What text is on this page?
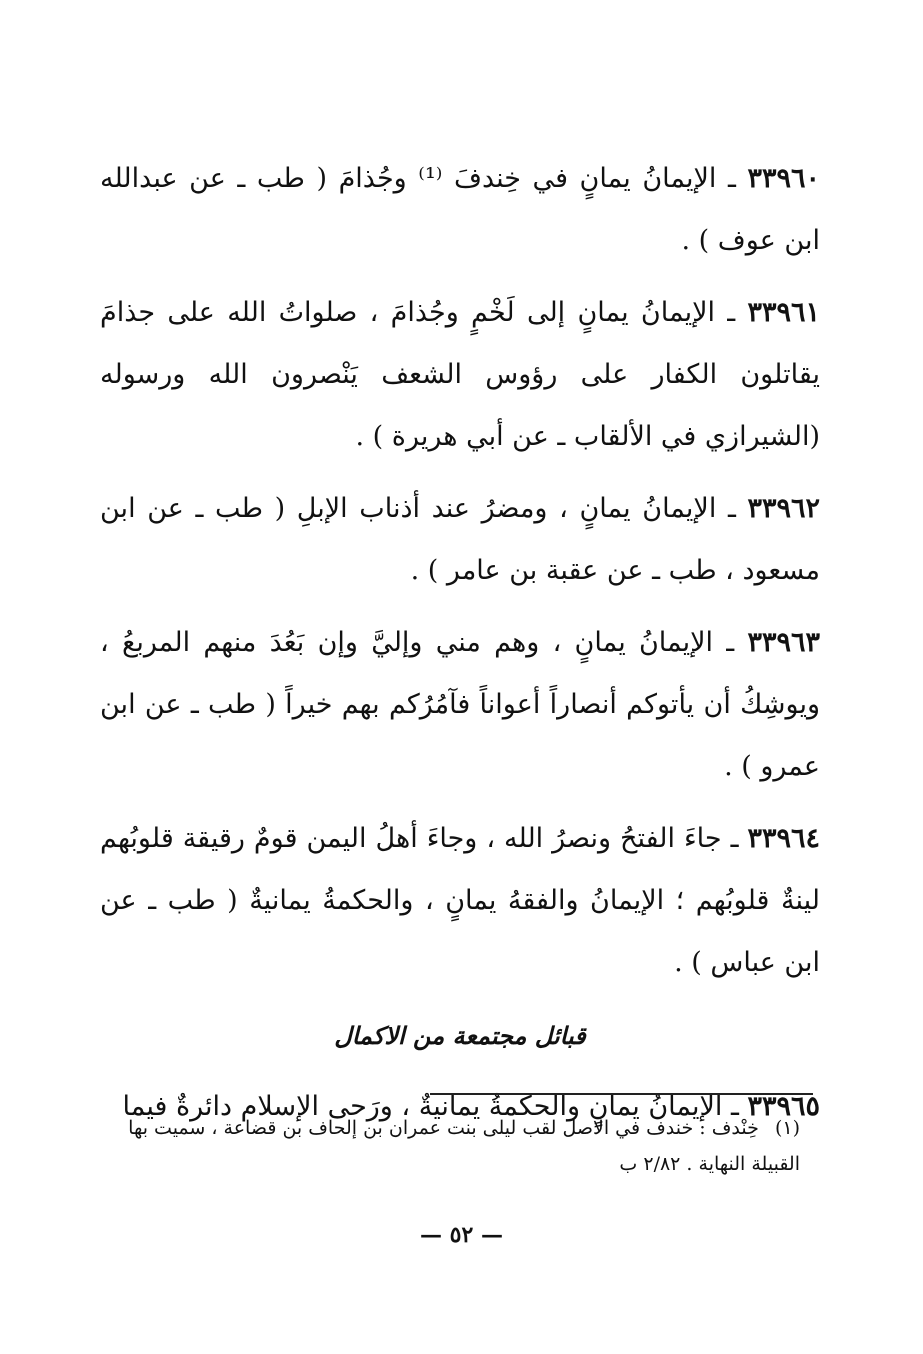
٣٣٩٦٠ ـ الإيمانُ يمانٍ في خِندفَ ⁽¹⁾ وجُذامَ ( طب ـ عن عبدالله ابن عوف ) .

٣٣٩٦١ ـ الإيمانُ يمانٍ إلى لَخْمٍ وجُذامَ ، صلواتُ الله على جذامَ يقاتلون الكفار على رؤوس الشعف يَنْصرون الله ورسوله (الشيرازي في الألقاب ـ عن أبي هريرة ) .

٣٣٩٦٢ ـ الإيمانُ يمانٍ ، ومضرُ عند أذناب الإبلِ ( طب ـ عن ابن مسعود ، طب ـ عن عقبة بن عامر ) .

٣٣٩٦٣ ـ الإيمانُ يمانٍ ، وهم مني وإليَّ وإن بَعُدَ منهم المربعُ ، ويوشِكُ أن يأتوكم أنصاراً أعواناً فآمُرُكم بهم خيراً ( طب ـ عن ابن عمرو ) .

٣٣٩٦٤ ـ جاءَ الفتحُ ونصرُ الله ، وجاءَ أهلُ اليمن قومٌ رقيقة قلوبُهم لينةٌ قلوبُهم ؛ الإيمانُ والفقهُ يمانٍ ، والحكمةُ يمانيةٌ ( طب ـ عن ابن عباس ) .

قبائل مجتمعة من الاكمال

٣٣٩٦٥ ـ الإيمانُ يمانٍ والحكمةُ يمانيةٌ ، ورَحى الإسلام دائرةٌ فيما

(١) خِنْدف : خندف في الاصل لقب ليلى بنت عمران بن إلحاف بن قضاعة ، سميت بها القبيلة النهاية . ٢/٨٢ ب
— ٥٢ —
